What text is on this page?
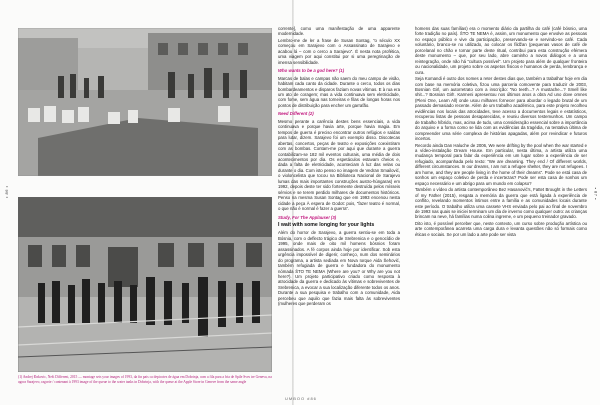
• 86 •
(1) Andrej Đakovic, Nešt Different, 2015 — montage sets your images of 1993, da fin pais ca depicotes de água em Dobrinja, com a fila para a fria de Spile Sves tre Geneva, na agora Sarajevo, ragorie / contenant à 1993 image of the queue to the water tanks in Dobrinja, with the queue at the Apple Store in Geneve from the same angle
• 87 •

corrente], como uma manifestação de uma apparente modernidade.

Lembro-me de ler a frase de Susan Sontag, “o século XX começou em Sarajevo com o Assassinato de Sarajevo e acabou lá – com o cerco a Sarajevo”. É nesta nota profética, uma viagem por aqui constitui por si uma peregrinação de imensa sensibilidade.

Who wants to be a god here? (1)

Marcas de balas e campas não saem do meu campo de visão, habitam cada canto da cidade. Durante o cerco, todos os dias bombardeamentos e disparos faziam novas vítimas. E à rua era um ato de coragem; mas a vida continuava sem eletricidade, com fome, sem água nas torneiras e filas de longas horas nos pontos de distribuição para encher um garrafão.

Need Different (2)

Mesmo perante a carência destes bens essenciais, a vida continuava e porque havia arte, porque havia magia. Em tempos de guerra é preciso encontrar outros refúgios e saídas para lutar, dizem. Sarajevo foi um exemplo disso. Discotecas abertas, concertos, peças de teatro e exposições coexistiram com as bombas. Contam-me por aqui que durante a guerra contabilizam-se 182 mil eventos culturais, uma média de dois acontecimentos por dia. Os espetáculos estavam cheios e, dada a falta de eletricidade, aconteciam à luz das velas ou durante o dia. Com isto penso no imagem de Vedran Smailović, o violoncelista que tocou na Biblioteca Nacional de Sarajevo lumas das mais importantes construções austro-húngaras) em 1992, depois deste ter sido fortemente destruída pelos mísseis sérvios e se terem perdido milhares de documentos históricos. Penso na mesma Susan Sontag que em 1993 encenou nesta cidade a peça À espera de Godot: pois, “fazer teatro é normal, o que não é normal é fazer a guerra”.

Study, For The Applause! (3)

I wait with some longing for your lights

Além do horror de Sarajevo, a guerra sentiu-se em toda a Bósnia, com o deflecto trágico de Srebrenica e o genocídio de 1995, onde mais de oito mil homens bósnios foram assassinados. A fé corpos ainda hoje por identificar. Sob esta urgência impossível de digerir, conheço, num dos seminários do programa, a artista sediada em Nova Iorque Aida Šehović, também refugiada de guerra e fundadora do monumento nómada ŠTO TE NEMA (Where are you? or Why are you not here?). Um projeto participativo criado como resposta à atrocidade da guerra e dedicado às vítimas e sobreviventes de Srebrenica, a evocar a sua localização diferente todos os anos. Durante a sua pesquisa e trabalho com a comunidade, Aida percebeu que aquilo que fazia mais falta às sobreviventes (mulheres que perderam os

homens das suas famílias) era o momento diário da partilha do café (café bósnio, uma forte tradição no país). ŠTO TE NEMA é, assim, um monumento que envolve as pessoas no espaço público e vive da participação, preservando-se e servindo-se café. Cada voluntário, branco-se no utilizado, ao colocar os fildžan (pequenas vasos de café de porcelanal no chão e tornar parte deste ritual, contribui para esta construção efémera deste monumento – que, por seu lado, abre caminho a novos diálogos e a uma reintegração, onde não há “cultura possível”. Um projeto para além de qualquer fronteira ou nacionalidade, um projeto sobre os aspetos físicos e humanos de perda, lembrança e cura.

Seja Komandi é outro dos nomes a reter destes dias que, também a trabalhar hoje em dia com base na memória coletiva, fizou uma parceria comovente para traduzir de 2003, Bosnian Girl, um autorretrato com a inscrição: “No teeth...? A mustache...? Smell like shit...? Bosnian Girl!. Karmeni apresentou nos últimos anos a obra Ad uno dove omnes (Pleni One, Learn All) onde usou milhares fornecer para abordar o legado brutal de um passado demasiado recente. Além de um trabalho académico, para este projeto recolheu evidências nos locais das atrocidades, teve acesso a documentos legais e estatísticos, recuperou listas de pessoas desaparecidas, e reuniu diversos testemunhos. Um campo de trabalho híbrido, mas, acima de tudo, uma consideração essencial sobre a importância do arquivo e a forma como se lida com as evidências da tragédia, na tentativa última de compreender uma série complexa de histórias apagadas, além por revindicar e futuros incertos.

Recordo ainda Dan Haluche de 2006, We were drifting by the pool when the war started e a vídeo-instalação Dream House. Em particular, nesta última, a artista utiliza uma mudança temporal para falar da experiência em um lugar sobre a experiência de ser refugiado, acompanhada pelo texto: “We are dreaming. They end / Of different worlds, different circumstances. In our dreams, I am not a refugee shelter, they are not refugees. I am home, and they are people living in the home of their dreams”. Pode se está casa de sonhos um espaço coletivo de perda e incertezas? Pode ser esta casa de sonhos um espaço necessário e um abrigo para um mundo em colapso?

Também o vídeo do artista contemporâneo Bez Hasanović's, Fattet Brought in the Letters of my Father (2015), resgata a memória da guerra que está ligada à experiência de conflito, revelando momentos íntimos entre a família e as comunidades locais durante este período. O trabalho utiliza uma cassete VHS enviada pelo pai ao final de novembro de 1993 nas quais se iniciei terminam um dia de inverno como qualquer outro: as crianças brincam na neve, há famílias numa colina ingreme, e um pequeno treinador gravado.

Dito isto, é possível perceber que, neste contexto, um curso sobre produção artística ou arte contemporânea acarreta uma carga dura e levanta questões não só formais como éticas e sociais. Se por um lado a arte pode ser vista

UMBOO #86
